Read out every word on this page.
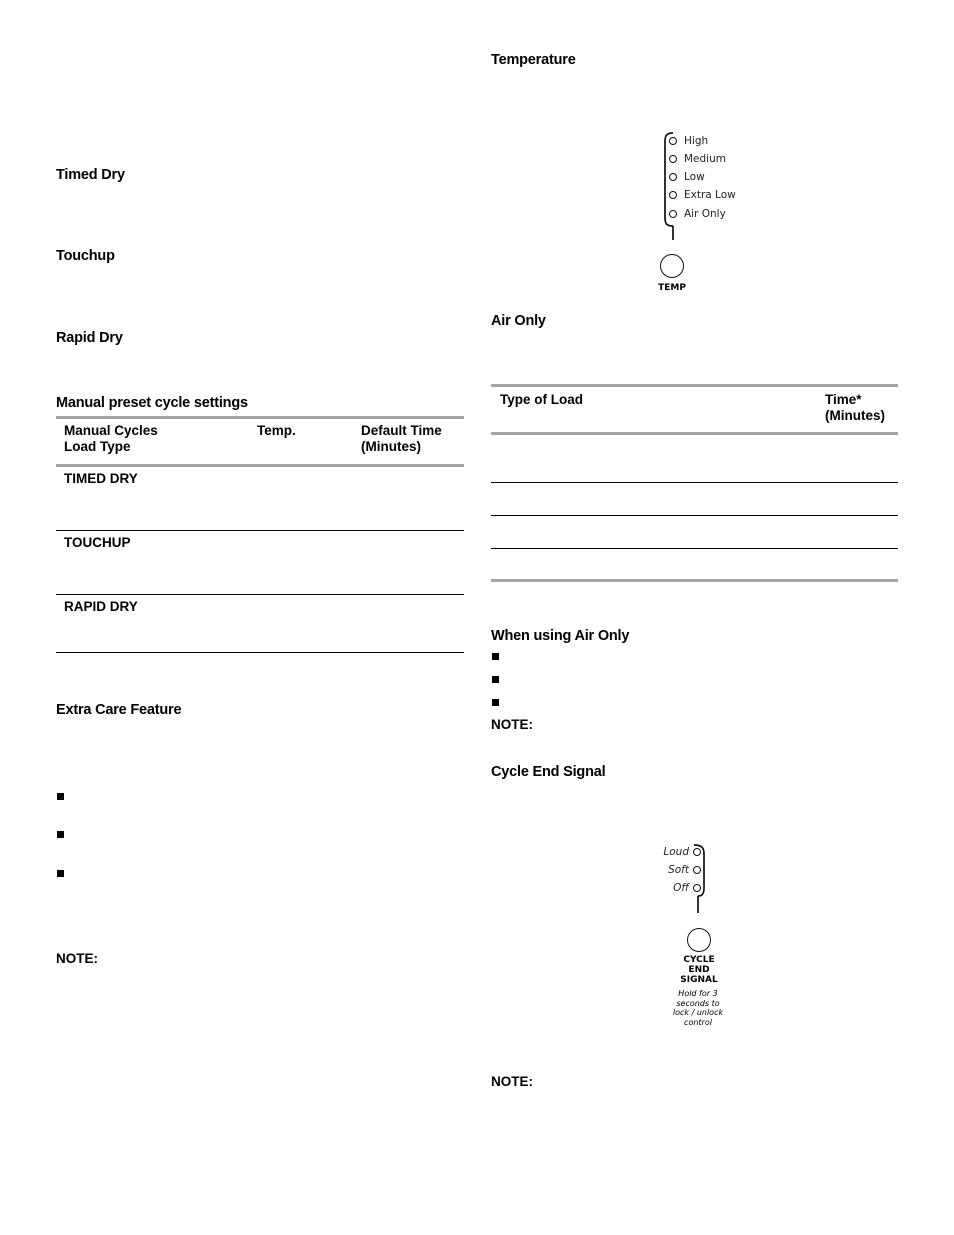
Timed Dry
Touchup
Rapid Dry
Manual preset cycle settings
Manual Cycles
Load Type
Temp.	Default Time
(Minutes)
TIMED DRY
TOUCHUP
RAPID DRY
Extra Care Feature
NOTE:
Temperature
High
Medium
Low
Extra Low
Air Only
TEMP
Air Only
Type of Load	Time*
(Minutes)
When using Air Only
NOTE:
Cycle End Signal
Loud
Soft
Off
CYCLE
END
SIGNAL
Hold for 3
seconds to
lock / unlock
control
NOTE:
